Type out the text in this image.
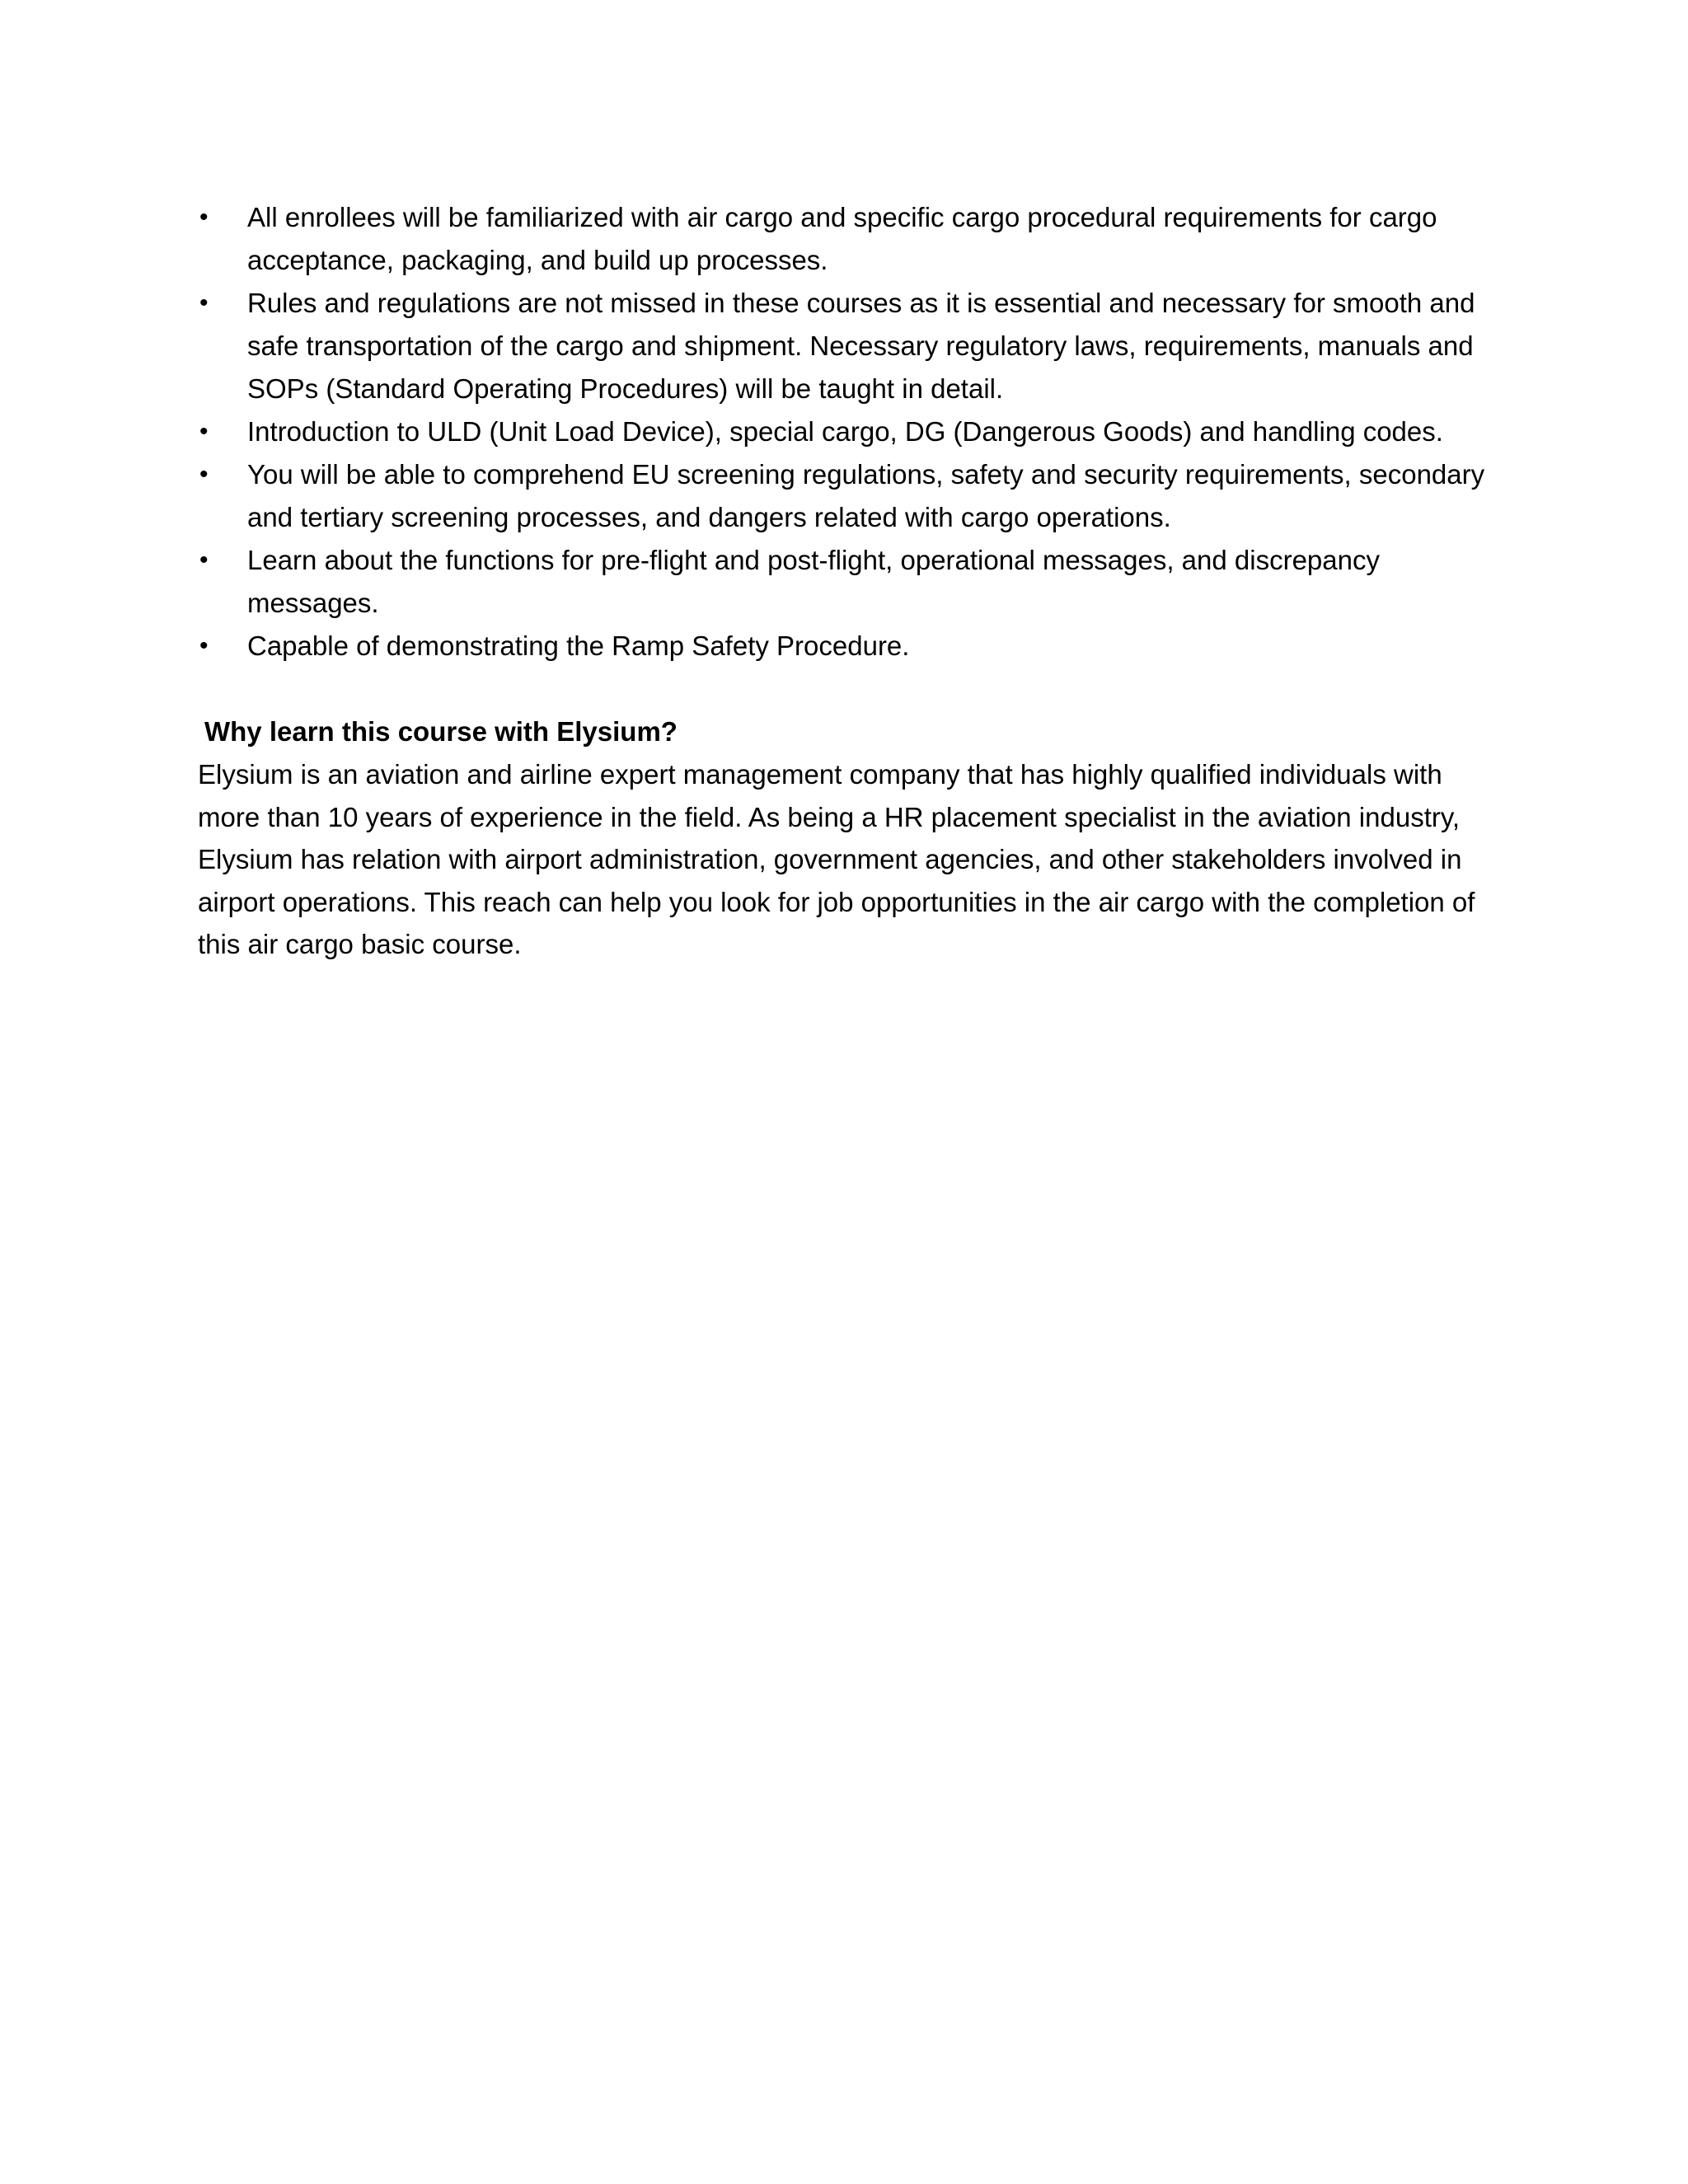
•	All enrollees will be familiarized with air cargo and specific cargo procedural requirements for cargo acceptance, packaging, and build up processes.
•	Rules and regulations are not missed in these courses as it is essential and necessary for smooth and safe transportation of the cargo and shipment. Necessary regulatory laws, requirements, manuals and SOPs (Standard Operating Procedures) will be taught in detail.
•	Introduction to ULD (Unit Load Device), special cargo, DG (Dangerous Goods) and handling codes.
•	You will be able to comprehend EU screening regulations, safety and security requirements, secondary and tertiary screening processes, and dangers related with cargo operations.
•	Learn about the functions for pre-flight and post-flight, operational messages, and discrepancy messages.
•	Capable of demonstrating the Ramp Safety Procedure.
Why learn this course with Elysium?

Elysium is an aviation and airline expert management company that has highly qualified individuals with more than 10 years of experience in the field. As being a HR placement specialist in the aviation industry, Elysium has relation with airport administration, government agencies, and other stakeholders involved in airport operations. This reach can help you look for job opportunities in the air cargo with the completion of this air cargo basic course.
